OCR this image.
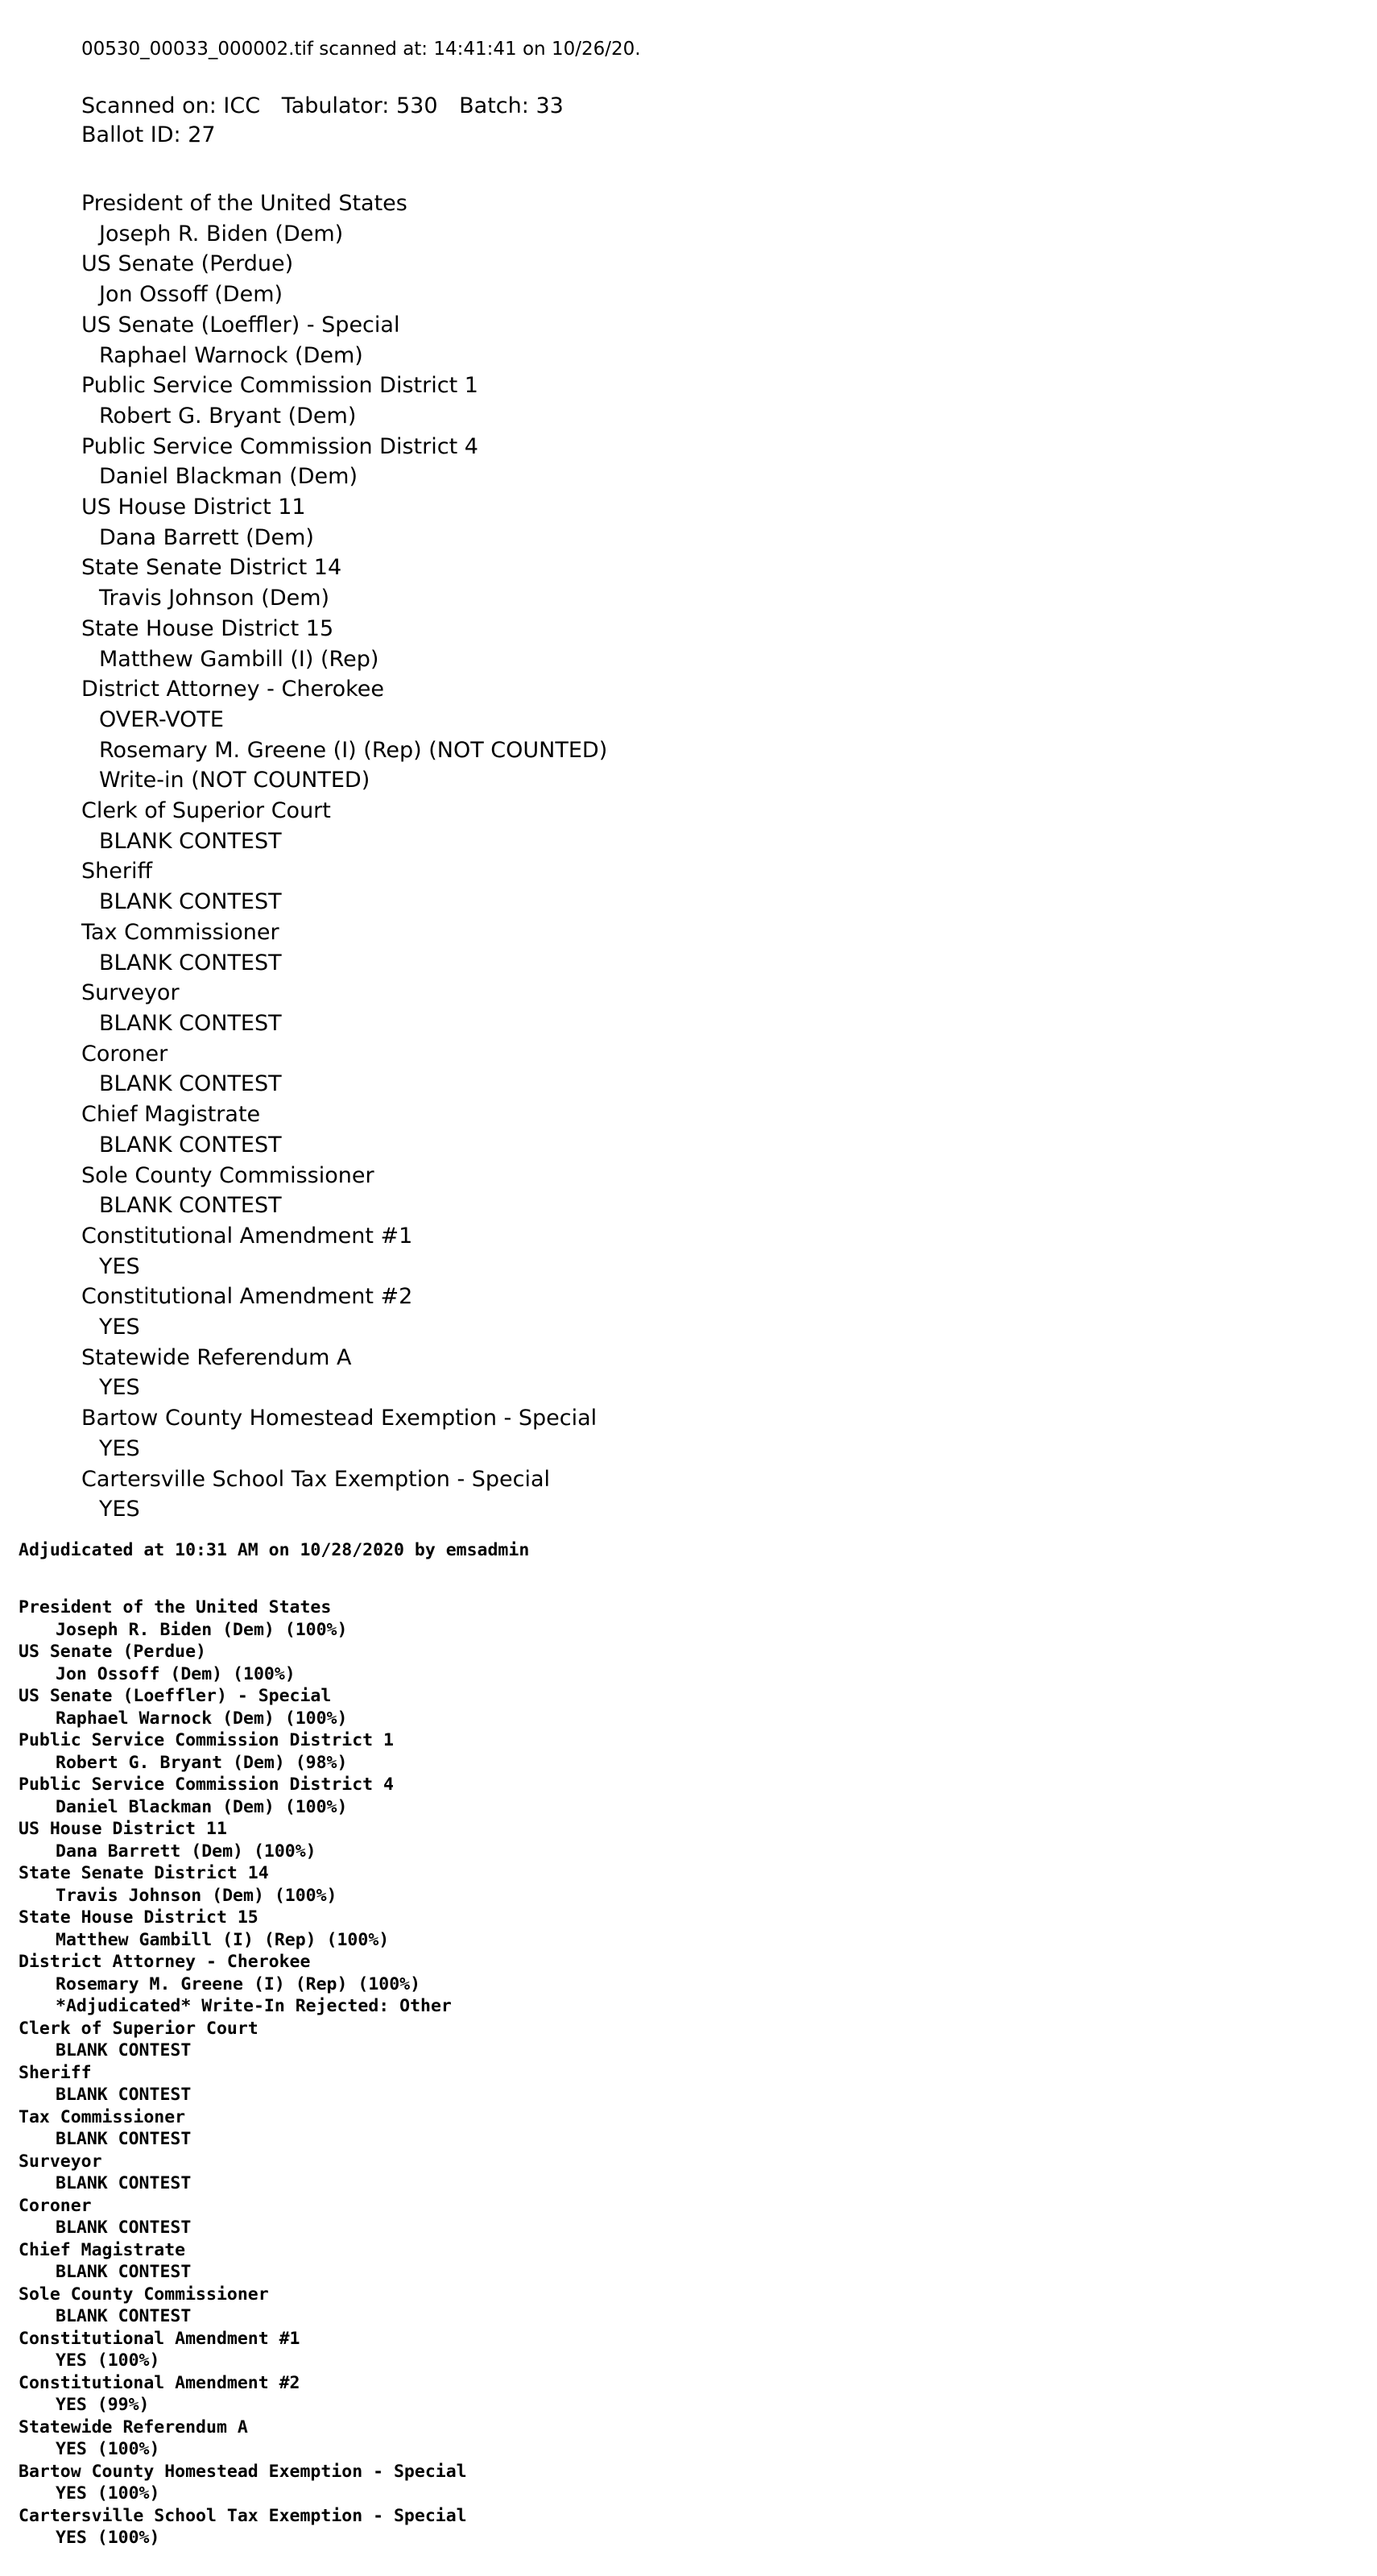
00530_00033_000002.tif scanned at: 14:41:41 on 10/26/20.

Scanned on: ICC Tabulator: 530 Batch: 33
Ballot ID: 27
President of the United States
Joseph R. Biden (Dem)
US Senate (Perdue)
Jon Ossoff (Dem)
US Senate (Loeffler) - Special
Raphael Warnock (Dem)
Public Service Commission District 1
Robert G. Bryant (Dem)
Public Service Commission District 4
Daniel Blackman (Dem)
US House District 11
Dana Barrett (Dem)
State Senate District 14
Travis Johnson (Dem)
State House District 15
Matthew Gambill (I) (Rep)
District Attorney - Cherokee
OVER-VOTE
Rosemary M. Greene (I) (Rep) (NOT COUNTED)
Write-in (NOT COUNTED)
Clerk of Superior Court
BLANK CONTEST
Sheriff
BLANK CONTEST
Tax Commissioner
BLANK CONTEST
Surveyor
BLANK CONTEST
Coroner
BLANK CONTEST
Chief Magistrate
BLANK CONTEST
Sole County Commissioner
BLANK CONTEST
Constitutional Amendment #1
YES
Constitutional Amendment #2
YES
Statewide Referendum A
YES
Bartow County Homestead Exemption - Special
YES
Cartersville School Tax Exemption - Special
YES

Adjudicated at 10:31 AM on 10/28/2020 by emsadmin

President of the United States
Joseph R. Biden (Dem) (100%)
US Senate (Perdue)
Jon Ossoff (Dem) (100%)
US Senate (Loeffler) - Special
Raphael Warnock (Dem) (100%)
Public Service Commission District 1
Robert G. Bryant (Dem) (98%)
Public Service Commission District 4
Daniel Blackman (Dem) (100%)
US House District 11
Dana Barrett (Dem) (100%)
State Senate District 14
Travis Johnson (Dem) (100%)
State House District 15
Matthew Gambill (I) (Rep) (100%)
District Attorney - Cherokee
Rosemary M. Greene (I) (Rep) (100%)
*Adjudicated* Write-In Rejected: Other
Clerk of Superior Court
BLANK CONTEST
Sheriff
BLANK CONTEST
Tax Commissioner
BLANK CONTEST
Surveyor
BLANK CONTEST
Coroner
BLANK CONTEST
Chief Magistrate
BLANK CONTEST
Sole County Commissioner
BLANK CONTEST
Constitutional Amendment #1
YES (100%)
Constitutional Amendment #2
YES (99%)
Statewide Referendum A
YES (100%)
Bartow County Homestead Exemption - Special
YES (100%)
Cartersville School Tax Exemption - Special
YES (100%)
